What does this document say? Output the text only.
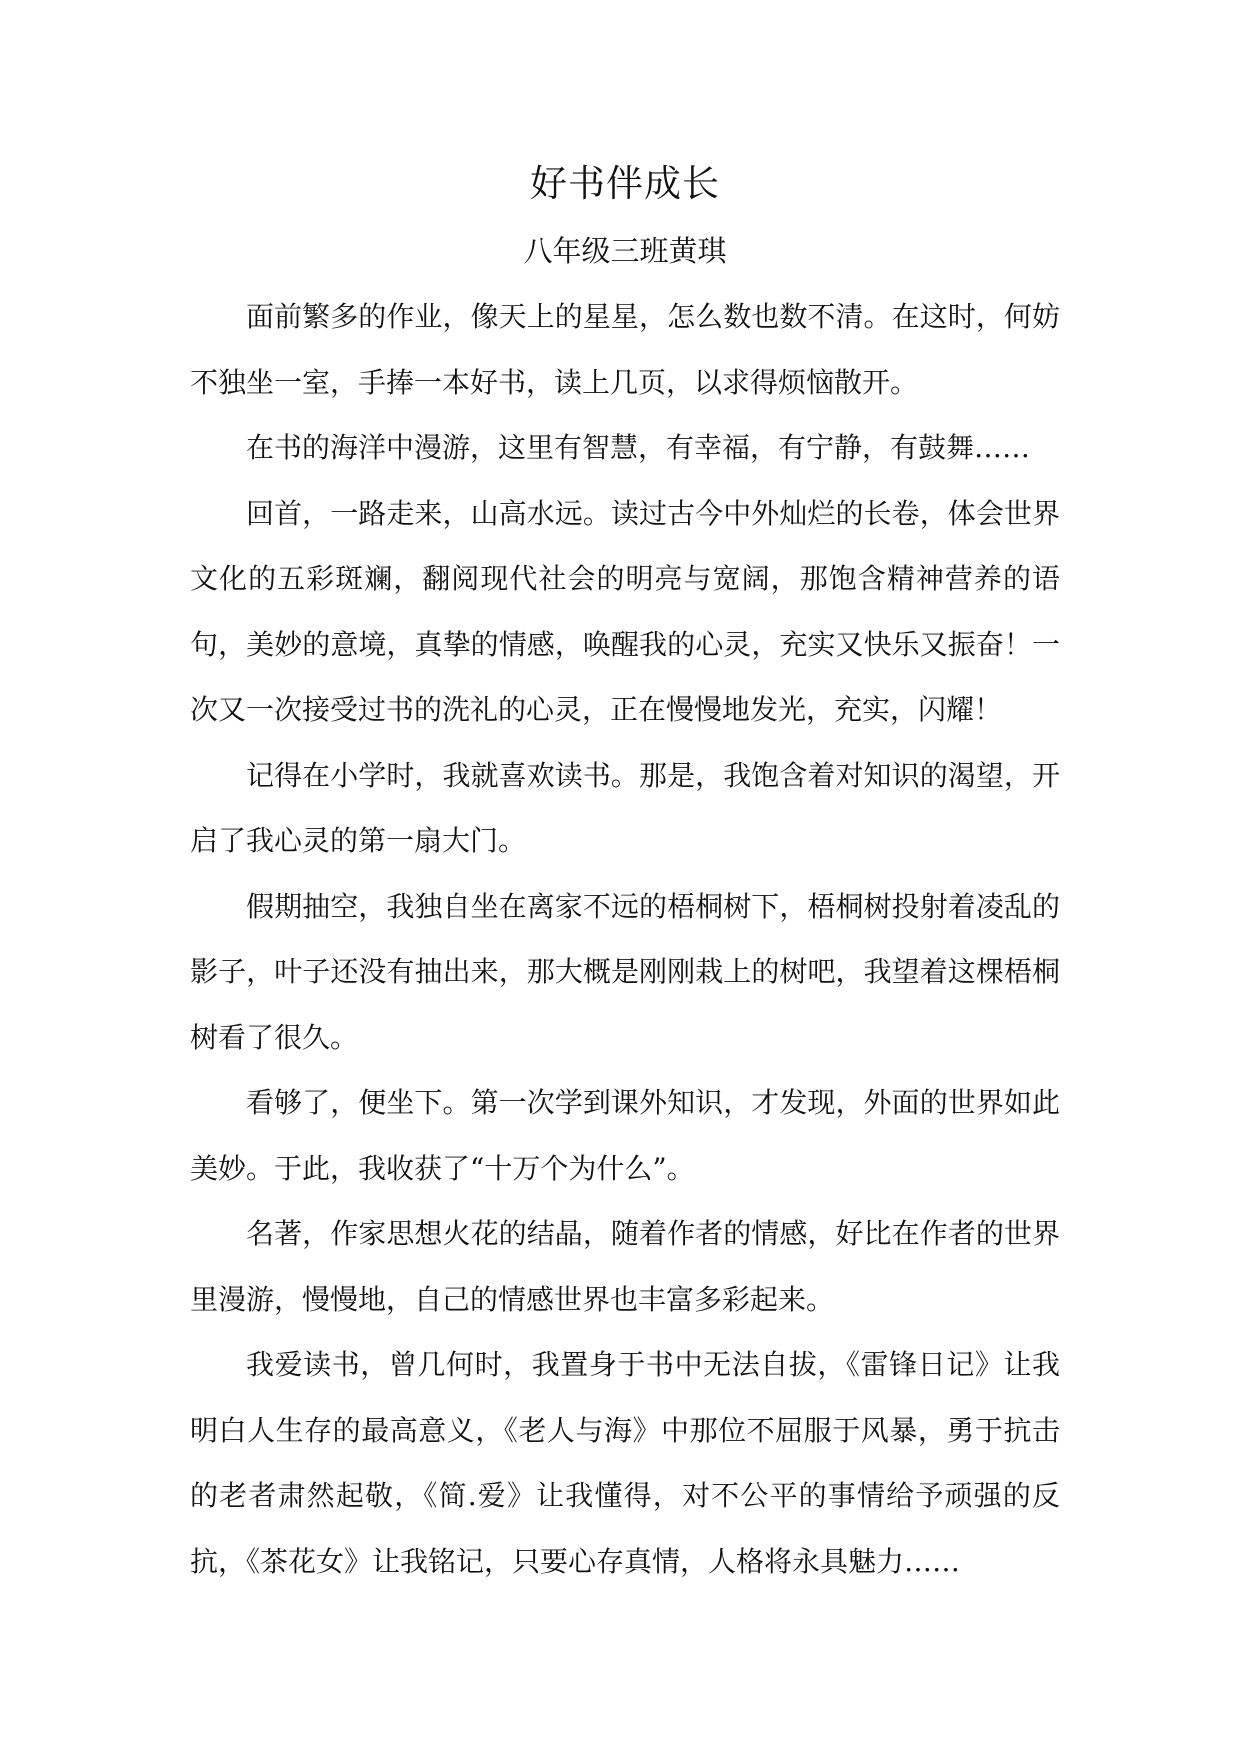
好书伴成长
八年级三班黄琪

面前繁多的作业，像天上的星星，怎么数也数不清。在这时，何妨不独坐一室，手捧一本好书，读上几页，以求得烦恼散开。

在书的海洋中漫游，这里有智慧，有幸福，有宁静，有鼓舞……

回首，一路走来，山高水远。读过古今中外灿烂的长卷，体会世界文化的五彩斑斓，翻阅现代社会的明亮与宽阔，那饱含精神营养的语句，美妙的意境，真挚的情感，唤醒我的心灵，充实又快乐又振奋！一次又一次接受过书的洗礼的心灵，正在慢慢地发光，充实，闪耀！

记得在小学时，我就喜欢读书。那是，我饱含着对知识的渴望，开启了我心灵的第一扇大门。

假期抽空，我独自坐在离家不远的梧桐树下，梧桐树投射着凌乱的影子，叶子还没有抽出来，那大概是刚刚栽上的树吧，我望着这棵梧桐树看了很久。

看够了，便坐下。第一次学到课外知识，才发现，外面的世界如此美妙。于此，我收获了“十万个为什么”。

名著，作家思想火花的结晶，随着作者的情感，好比在作者的世界里漫游，慢慢地，自己的情感世界也丰富多彩起来。

我爱读书，曾几何时，我置身于书中无法自拔，《雷锋日记》让我明白人生存的最高意义，《老人与海》中那位不屈服于风暴，勇于抗击的老者肃然起敬，《简.爱》让我懂得，对不公平的事情给予顽强的反抗，《茶花女》让我铭记，只要心存真情，人格将永具魅力……
